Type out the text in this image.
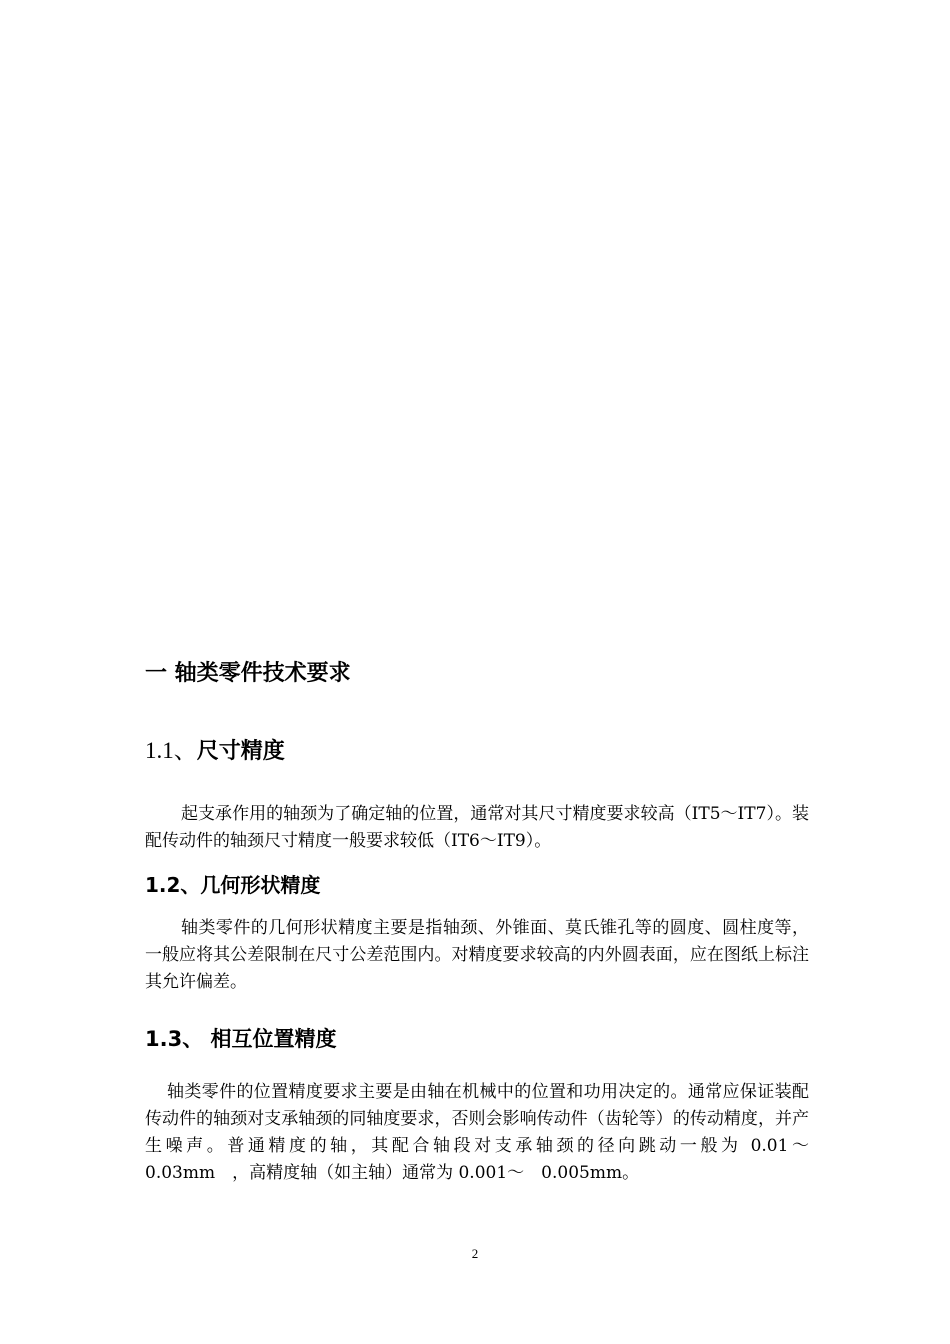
一 轴类零件技术要求
1.1、尺寸精度

起支承作用的轴颈为了确定轴的位置，通常对其尺寸精度要求较高（IT5～IT7）。装配传动件的轴颈尺寸精度一般要求较低（IT6～IT9）。

1.2、几何形状精度

轴类零件的几何形状精度主要是指轴颈、外锥面、莫氏锥孔等的圆度、圆柱度等，一般应将其公差限制在尺寸公差范围内。对精度要求较高的内外圆表面，应在图纸上标注其允许偏差。

1.3、 相互位置精度

轴类零件的位置精度要求主要是由轴在机械中的位置和功用决定的。通常应保证装配传动件的轴颈对支承轴颈的同轴度要求，否则会影响传动件（齿轮等）的传动精度，并产生噪声。普通精度的轴，其配合轴段对支承轴颈的径向跳动一般为 0.01～　0.03mm　，高精度轴（如主轴）通常为 0.001～　0.005mm。

2
